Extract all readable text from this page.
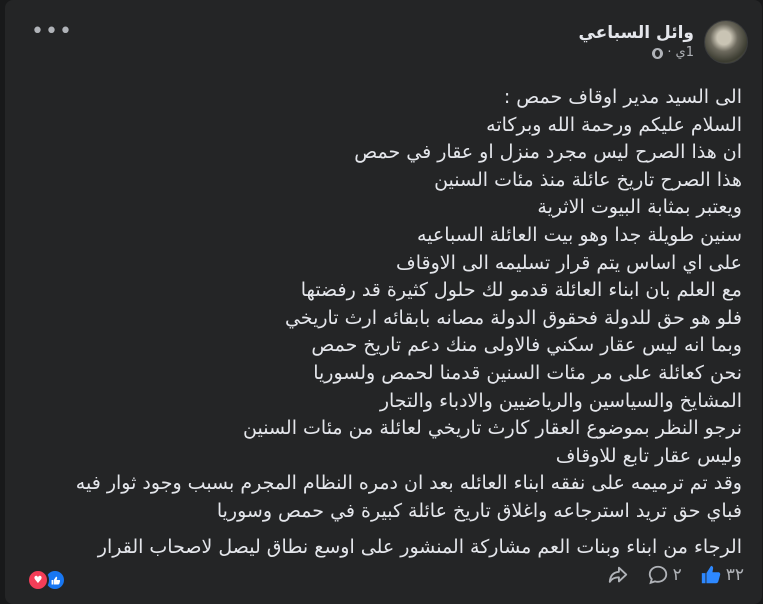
•••	وائل السباعي
1ي
·
الى السيد مدير اوقاف حمص :
السلام عليكم ورحمة الله وبركاته
ان هذا الصرح ليس مجرد منزل او عقار في حمص
هذا الصرح تاريخ عائلة منذ مئات السنين
ويعتبر بمثابة البيوت الاثرية
سنين طويلة جدا وهو بيت العائلة السباعيه
على اي اساس يتم قرار تسليمه الى الاوقاف
مع العلم بان ابناء العائلة قدمو لك حلول كثيرة قد رفضتها
فلو هو حق للدولة فحقوق الدولة مصانه بابقائه ارث تاريخي
وبما انه ليس عقار سكني فالاولى منك دعم تاريخ حمص
نحن كعائلة على مر مئات السنين قدمنا لحمص ولسوريا
المشايخ والسياسين والرياضيين والادباء والتجار
نرجو النظر بموضوع العقار كارث تاريخي لعائلة من مئات السنين
وليس عقار تابع للاوقاف
وقد تم ترميمه على نفقه ابناء العائله بعد ان دمره النظام المجرم بسبب وجود ثوار فيه
فباي حق تريد استرجاعه واغلاق تاريخ عائلة كبيرة في حمص وسوريا
الرجاء من ابناء وبنات العم مشاركة المنشور على اوسع نطاق ليصل لاصحاب القرار
♥	٣٢
٢
